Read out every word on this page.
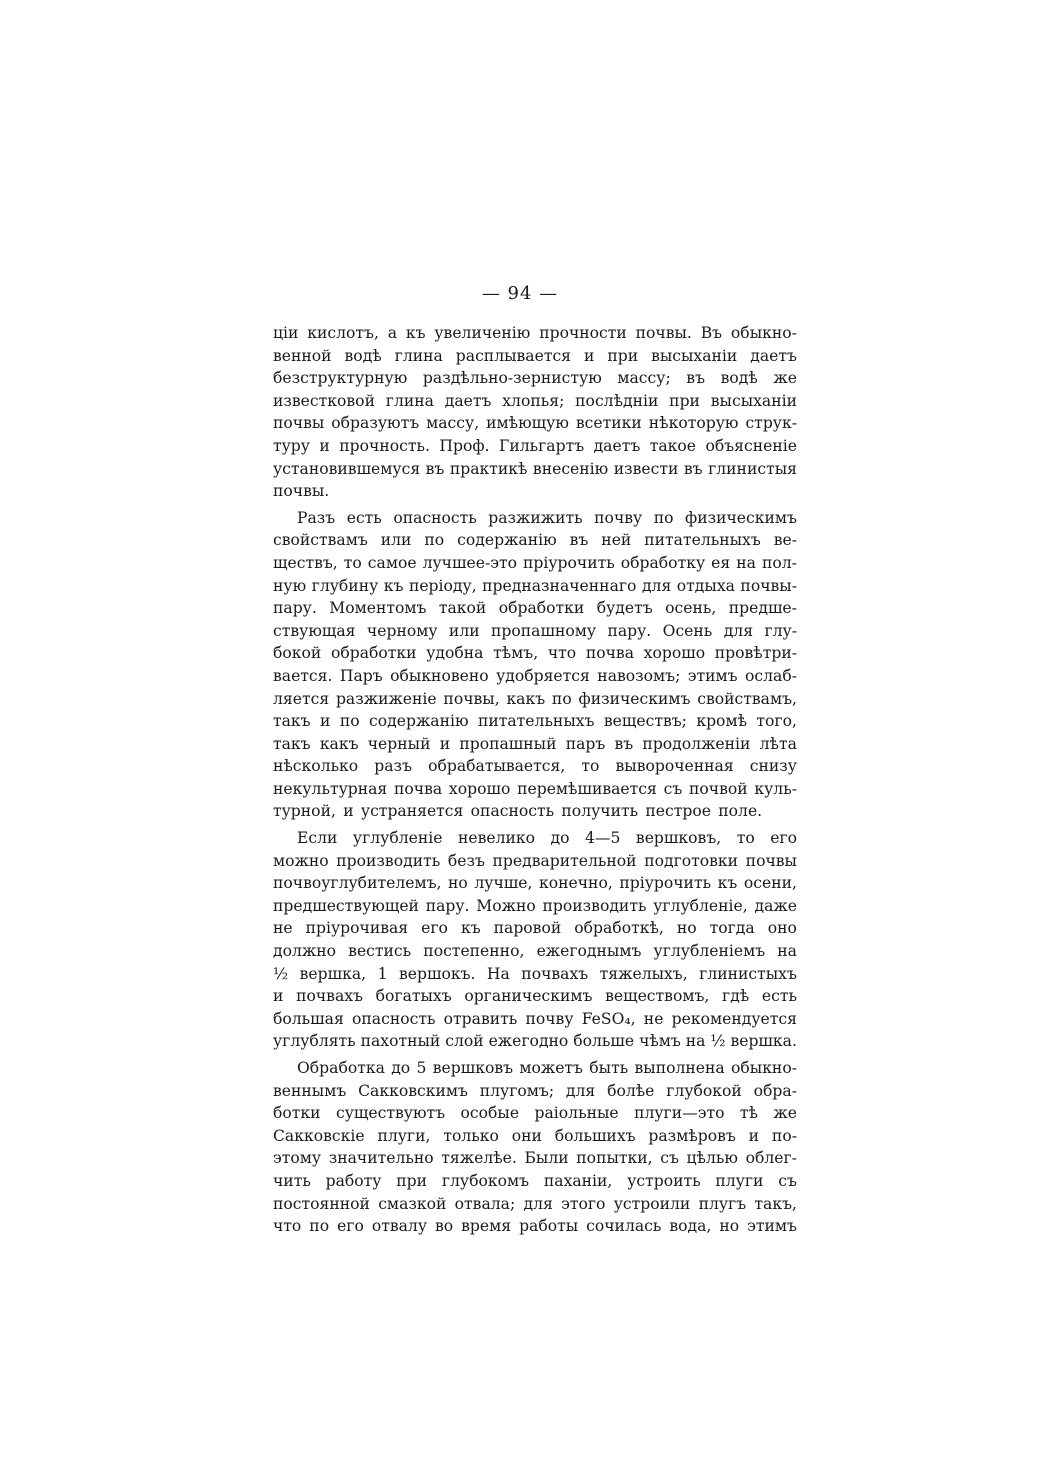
— 94 —
ціи кислотъ, а къ увеличенію прочности почвы. Въ обыкно-
венной водѣ глина расплывается и при высыханіи даетъ
безструктурную раздѣльно-зернистую массу; въ водѣ же
известковой глина даетъ хлопья; послѣдніи при высыханіи
почвы образуютъ массу, имѣющую всетики нѣкоторую струк-
туру и прочность. Проф. Гильгартъ даетъ такое объясненіе
установившемуся въ практикѣ внесенію извести въ глинистыя
почвы.
Разъ есть опасность разжижить почву по физическимъ
свойствамъ или по содержанію въ ней питательныхъ ве-
ществъ, то самое лучшее-это пріурочить обработку ея на пол-
ную глубину къ періоду, предназначеннаго для отдыха почвы-
пару. Моментомъ такой обработки будетъ осень, предше-
ствующая черному или пропашному пару. Осень для глу-
бокой обработки удобна тѣмъ, что почва хорошо провѣтри-
вается. Паръ обыкновено удобряется навозомъ; этимъ ослаб-
ляется разжиженіе почвы, какъ по физическимъ свойствамъ,
такъ и по содержанію питательныхъ веществъ; кромѣ того,
такъ какъ черный и пропашный паръ въ продолженіи лѣта
нѣсколько разъ обрабатывается, то вывороченная снизу
некультурная почва хорошо перемѣшивается съ почвой куль-
турной, и устраняется опасность получить пестрое поле.
Если углубленіе невелико до 4—5 вершковъ, то его
можно производить безъ предварительной подготовки почвы
почвоуглубителемъ, но лучше, конечно, пріурочить къ осени,
предшествующей пару. Можно производить углубленіе, даже
не пріурочивая его къ паровой обработкѣ, но тогда оно
должно вестись постепенно, ежегоднымъ углубленіемъ на
½ вершка, 1 вершокъ. На почвахъ тяжелыхъ, глинистыхъ
и почвахъ богатыхъ органическимъ веществомъ, гдѣ есть
большая опасность отравить почву FeSO₄, не рекомендуется
углублять пахотный слой ежегодно больше чѣмъ на ½ вершка.
Обработка до 5 вершковъ можетъ быть выполнена обыкно-
веннымъ Сакковскимъ плугомъ; для болѣе глубокой обра-
ботки существуютъ особые раіольные плуги—это тѣ же
Сакковскіе плуги, только они большихъ размѣровъ и по-
этому значительно тяжелѣе. Были попытки, съ цѣлью облег-
чить работу при глубокомъ паханіи, устроить плуги съ
постоянной смазкой отвала; для этого устроили плугъ такъ,
что по его отвалу во время работы сочилась вода, но этимъ
